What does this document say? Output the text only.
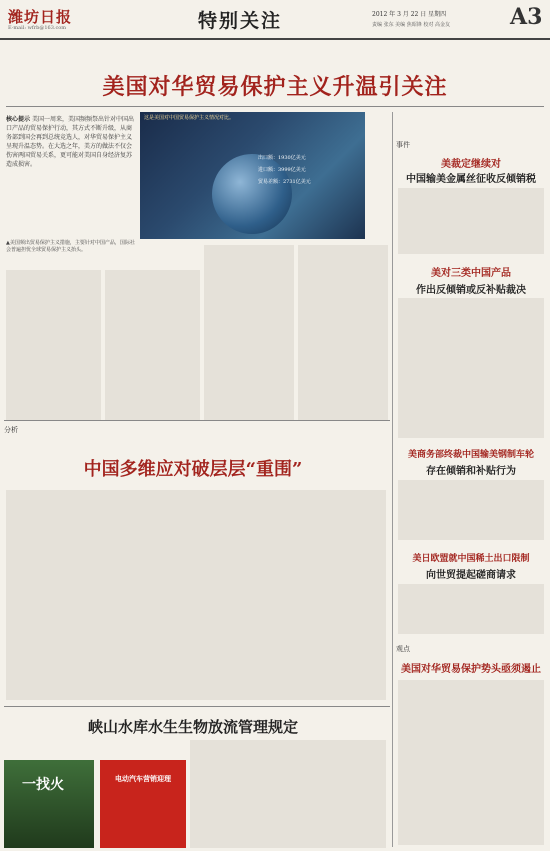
潍坊日报
E-mail: wfrb@163.com	特别关注	2012 年 3 月 22 日 星期四
责编 张东 美编 焦昭锋 校对 高金友	A3
美国对华贸易保护主义升温引关注
核心提示 美国一周来，美国频频祭出针对中国出口产品的贸易保护行动，其方式不断升级，从商务部到国会再到总统竞选人，对华贸易保护主义呈现升温态势。在大选之年，美方的做法不仅会伤害两国贸易关系，更可能对美国自身经济复苏造成损害。
这是美国对中国贸易保护主义情况对比。
出口额：1930亿美元
进口额：3999亿美元
贸易差额：2731亿美元
▲美国频出贸易保护主义措施，主要针对中国产品，国际社会普遍担忧全球贸易保护主义抬头。
事件
美裁定继续对
中国输美金属丝征收反倾销税
美对三类中国产品
作出反倾销或反补贴裁决
美商务部终裁中国输美钢制车轮
存在倾销和补贴行为
美日欧盟就中国稀土出口限制
向世贸提起磋商请求
观点
美国对华贸易保护势头亟须遏止
分析
中国多维应对破层层“重围”
峡山水库水生生物放流管理规定
一找火	电动汽车营销迎理
